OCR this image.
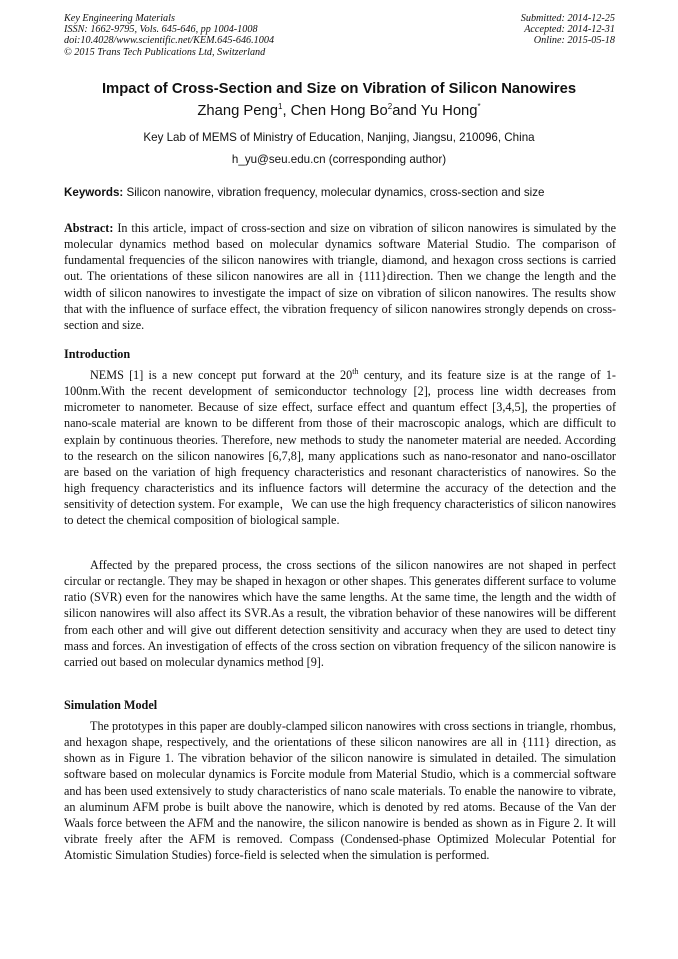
Key Engineering Materials
ISSN: 1662-9795, Vols. 645-646, pp 1004-1008
doi:10.4028/www.scientific.net/KEM.645-646.1004
© 2015 Trans Tech Publications Ltd, Switzerland
Submitted: 2014-12-25
Accepted: 2014-12-31
Online: 2015-05-18
Impact of Cross-Section and Size on Vibration of Silicon Nanowires
Zhang Peng$^1$, Chen Hong Bo$^2$and Yu Hong*
Key Lab of MEMS of Ministry of Education, Nanjing, Jiangsu, 210096, China
h_yu@seu.edu.cn (corresponding author)
Keywords: Silicon nanowire, vibration frequency, molecular dynamics, cross-section and size

Abstract: In this article, impact of cross-section and size on vibration of silicon nanowires is simulated by the molecular dynamics method based on molecular dynamics software Material Studio. The comparison of fundamental frequencies of the silicon nanowires with triangle, diamond, and hexagon cross sections is carried out. The orientations of these silicon nanowires are all in {111}direction. Then we change the length and the width of silicon nanowires to investigate the impact of size on vibration of silicon nanowires. The results show that with the influence of surface effect, the vibration frequency of silicon nanowires strongly depends on cross-section and size.

Introduction

NEMS [1] is a new concept put forward at the 20th century, and its feature size is at the range of 1-100nm.With the recent development of semiconductor technology [2], process line width decreases from micrometer to nanometer. Because of size effect, surface effect and quantum effect [3,4,5], the properties of nano-scale material are known to be different from those of their macroscopic analogs, which are difficult to explain by continuous theories. Therefore, new methods to study the nanometer material are needed. According to the research on the silicon nanowires [6,7,8], many applications such as nano-resonator and nano-oscillator are based on the variation of high frequency characteristics and resonant characteristics of nanowires. So the high frequency characteristics and its influence factors will determine the accuracy of the detection and the sensitivity of detection system. For example，We can use the high frequency characteristics of silicon nanowires to detect the chemical composition of biological sample.

Affected by the prepared process, the cross sections of the silicon nanowires are not shaped in perfect circular or rectangle. They may be shaped in hexagon or other shapes. This generates different surface to volume ratio (SVR) even for the nanowires which have the same lengths. At the same time, the length and the width of silicon nanowires will also affect its SVR.As a result, the vibration behavior of these nanowires will be different from each other and will give out different detection sensitivity and accuracy when they are used to detect tiny mass and forces. An investigation of effects of the cross section on vibration frequency of the silicon nanowire is carried out based on molecular dynamics method [9].

Simulation Model

The prototypes in this paper are doubly-clamped silicon nanowires with cross sections in triangle, rhombus, and hexagon shape, respectively, and the orientations of these silicon nanowires are all in {111} direction, as shown as in Figure 1. The vibration behavior of the silicon nanowire is simulated in detailed. The simulation software based on molecular dynamics is Forcite module from Material Studio, which is a commercial software and has been used extensively to study characteristics of nano scale materials. To enable the nanowire to vibrate, an aluminum AFM probe is built above the nanowire, which is denoted by red atoms. Because of the Van der Waals force between the AFM and the nanowire, the silicon nanowire is bended as shown as in Figure 2. It will vibrate freely after the AFM is removed. Compass (Condensed-phase Optimized Molecular Potential for Atomistic Simulation Studies) force-field is selected when the simulation is performed.
